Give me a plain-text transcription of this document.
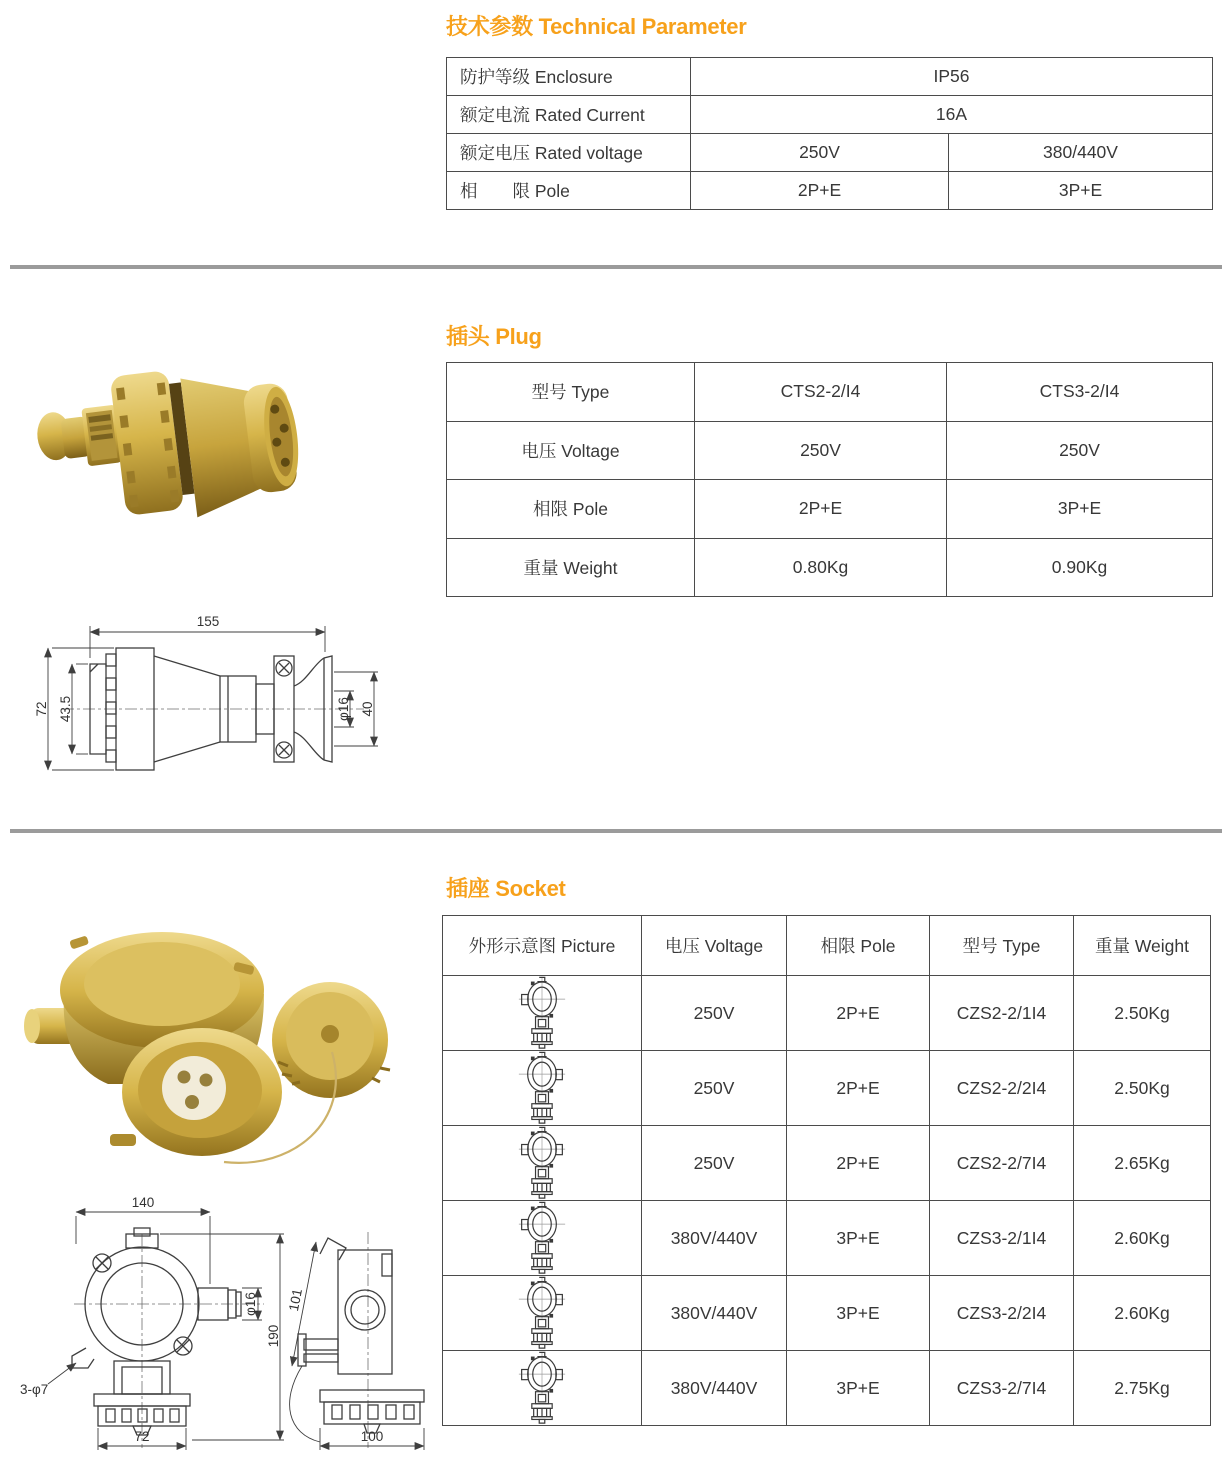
技术参数 Technical Parameter
防护等级 Enclosure	IP56	
额定电流 Rated Current	16A	
额定电压 Rated voltage	250V	380/440V
相　　限 Pole	2P+E	3P+E
插头 Plug
型号 Type	CTS2-2/I4	CTS3-2/I4
电压 Voltage	250V	250V
相限 Pole	2P+E	3P+E
重量 Weight	0.80Kg	0.90Kg
155
72 43.5	φ16 40
插座 Socket
外形示意图 Picture	电压 Voltage	相限 Pole	型号 Type	重量 Weight

	250V	2P+E	CZS2-2/1I4	2.50Kg

	250V	2P+E	CZS2-2/2I4	2.50Kg

	250V	2P+E	CZS2-2/7I4	2.65Kg

	380V/440V	3P+E	CZS3-2/1I4	2.60Kg

	380V/440V	3P+E	CZS3-2/2I4	2.60Kg

	380V/440V	3P+E	CZS3-2/7I4	2.75Kg
140
φ16
190
3-φ7
72
101
100
